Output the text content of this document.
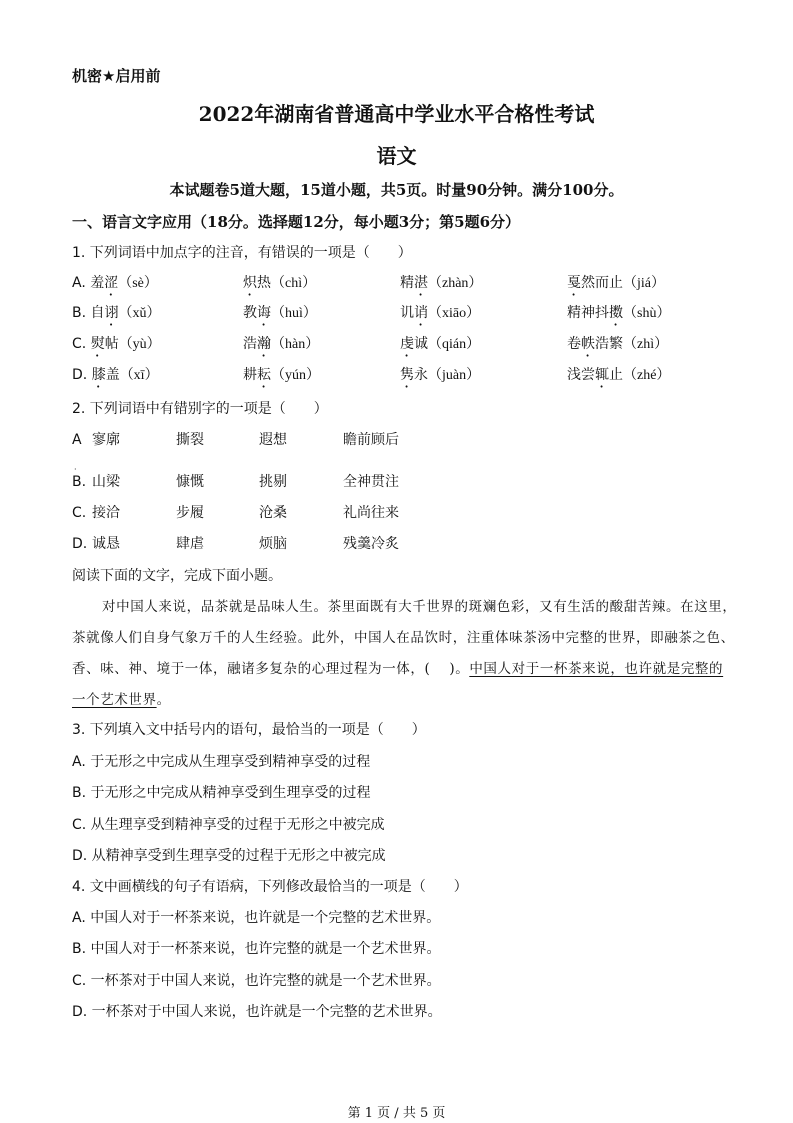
机密★启用前
2022年湖南省普通高中学业水平合格性考试
语文
本试题卷5道大题，15道小题，共5页。时量90分钟。满分100分。
一、语言文字应用（18分。选择题12分，每小题3分；第5题6分）
1. 下列词语中加点字的注音，有错误的一项是（　　）
A. 羞涩（sè）	炽热（chì）	精湛（zhàn）	戛然而止（jiá）
B. 自诩（xǔ）	教诲（huì）	讥诮（xiāo）	精神抖擞（shù）
C. 熨帖（yù）	浩瀚（hàn）	虔诚（qián）	卷帙浩繁（zhì）
D. 膝盖（xī）	耕耘（yún）	隽永（juàn）	浅尝辄止（zhé）
2. 下列词语中有错别字的一项是（　　）
A 寥廓	撕裂	遐想	瞻前顾后
B. 山梁	慷慨	挑剔	全神贯注
C. 接洽	步履	沧桑	礼尚往来
D. 诚恳	肆虐	烦脑	残羹冷炙
·
阅读下面的文字，完成下面小题。
对中国人来说，品茶就是品味人生。茶里面既有大千世界的斑斓色彩，又有生活的酸甜苦辣。在这里，
茶就像人们自身气象万千的人生经验。此外，中国人在品饮时，注重体味茶汤中完整的世界，即融茶之色、
香、味、神、境于一体，融诸多复杂的心理过程为一体，(　 )。中国人对于一杯茶来说，也许就是完整的
一个艺术世界。
3. 下列填入文中括号内的语句，最恰当的一项是（　　）
A. 于无形之中完成从生理享受到精神享受的过程
B. 于无形之中完成从精神享受到生理享受的过程
C. 从生理享受到精神享受的过程于无形之中被完成
D. 从精神享受到生理享受的过程于无形之中被完成
4. 文中画横线的句子有语病，下列修改最恰当的一项是（　　）
A. 中国人对于一杯茶来说，也许就是一个完整的艺术世界。
B. 中国人对于一杯茶来说，也许完整的就是一个艺术世界。
C. 一杯茶对于中国人来说，也许完整的就是一个艺术世界。
D. 一杯茶对于中国人来说，也许就是一个完整的艺术世界。
第 1 页 / 共 5 页
